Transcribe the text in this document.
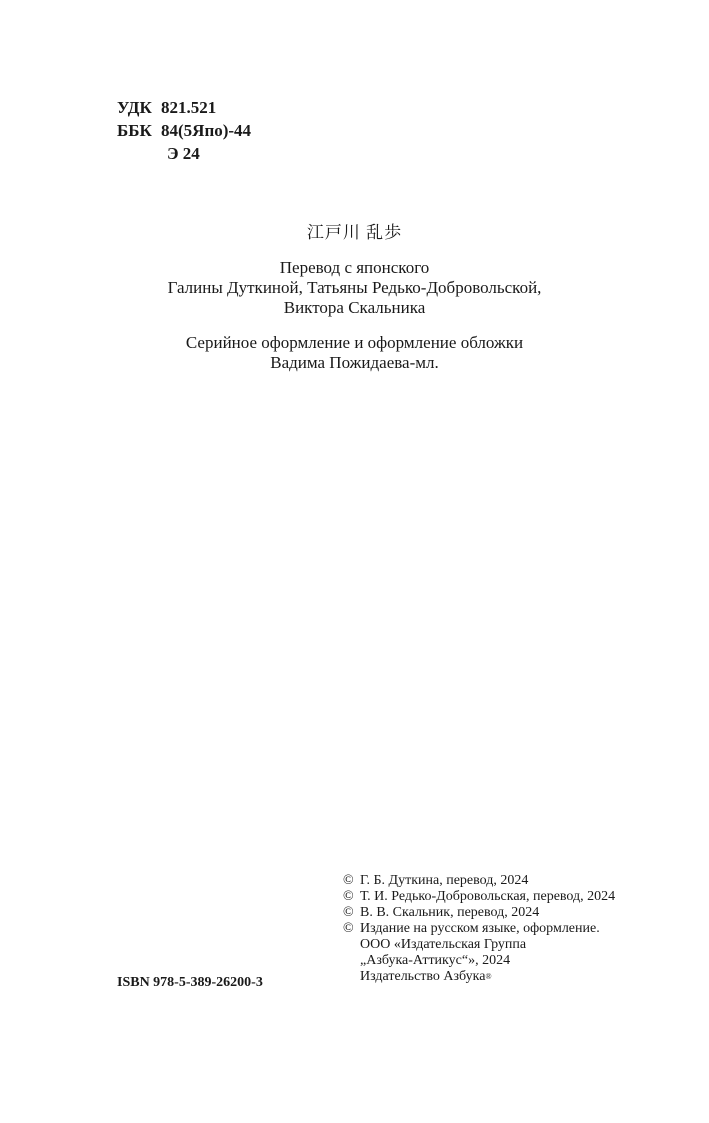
УДК 821.521
ББК 84(5Япо)-44
Э 24
江戸川 乱歩
Перевод с японского
Галины Дуткиной, Татьяны Редько-Добровольской,
Виктора Скальника
Серийное оформление и оформление обложки
Вадима Пожидаева-мл.
© Г. Б. Дуткина, перевод, 2024
© Т. И. Редько-Добровольская, перевод, 2024
© В. В. Скальник, перевод, 2024
© Издание на русском языке, оформление.
ООО «Издательская Группа
„Азбука-Аттикус“», 2024
Издательство Азбука®
ISBN 978-5-389-26200-3
